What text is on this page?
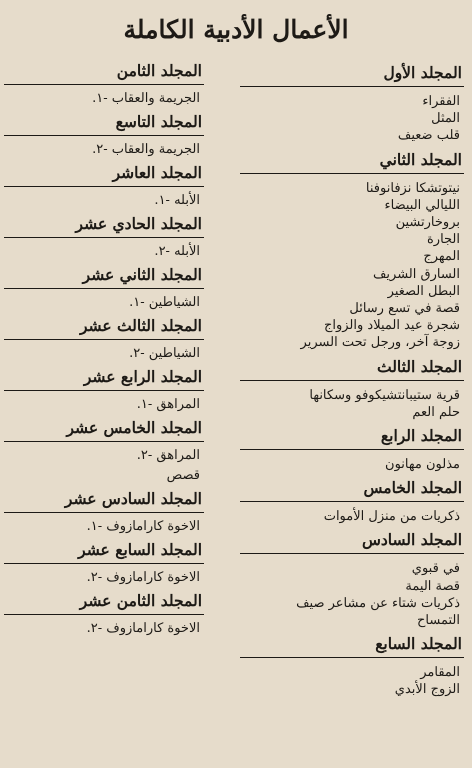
الأعمال الأدبية الكاملة
المجلد الأول
الفقراء
المثل
قلب ضعيف
المجلد الثاني
نيتوتشكا نزفانوفنا
الليالي البيضاء
بروخارتشين
الجارة
المهرج
السارق الشريف
البطل الصغير
قصة في تسع رسائل
شجرة عيد الميلاد والزواج
زوجة آخر، ورجل تحت السرير
المجلد الثالث
قرية ستيبانتشيكوفو وسكانها
حلم العم
المجلد الرابع
مذلون مهانون
المجلد الخامس
ذكريات من منزل الأموات
المجلد السادس
في قبوي
قصة اليمة
ذكريات شتاء عن مشاعر صيف
التمساح
المجلد السابع
المقامر
الزوج الأبدي
المجلد الثامن
الجريمة والعقاب -١.
المجلد التاسع
الجريمة والعقاب -٢.
المجلد العاشر
الأبله -١.
المجلد الحادي عشر
الأبله -٢.
المجلد الثاني عشر
الشياطين -١.
المجلد الثالث عشر
الشياطين -٢.
المجلد الرابع عشر
المراهق -١.
المجلد الخامس عشر
المراهق -٢.
قصص
المجلد السادس عشر
الاخوة كارامازوف -١.
المجلد السابع عشر
الاخوة كارامازوف -٢.
المجلد الثامن عشر
الاخوة كارامازوف -٢.
